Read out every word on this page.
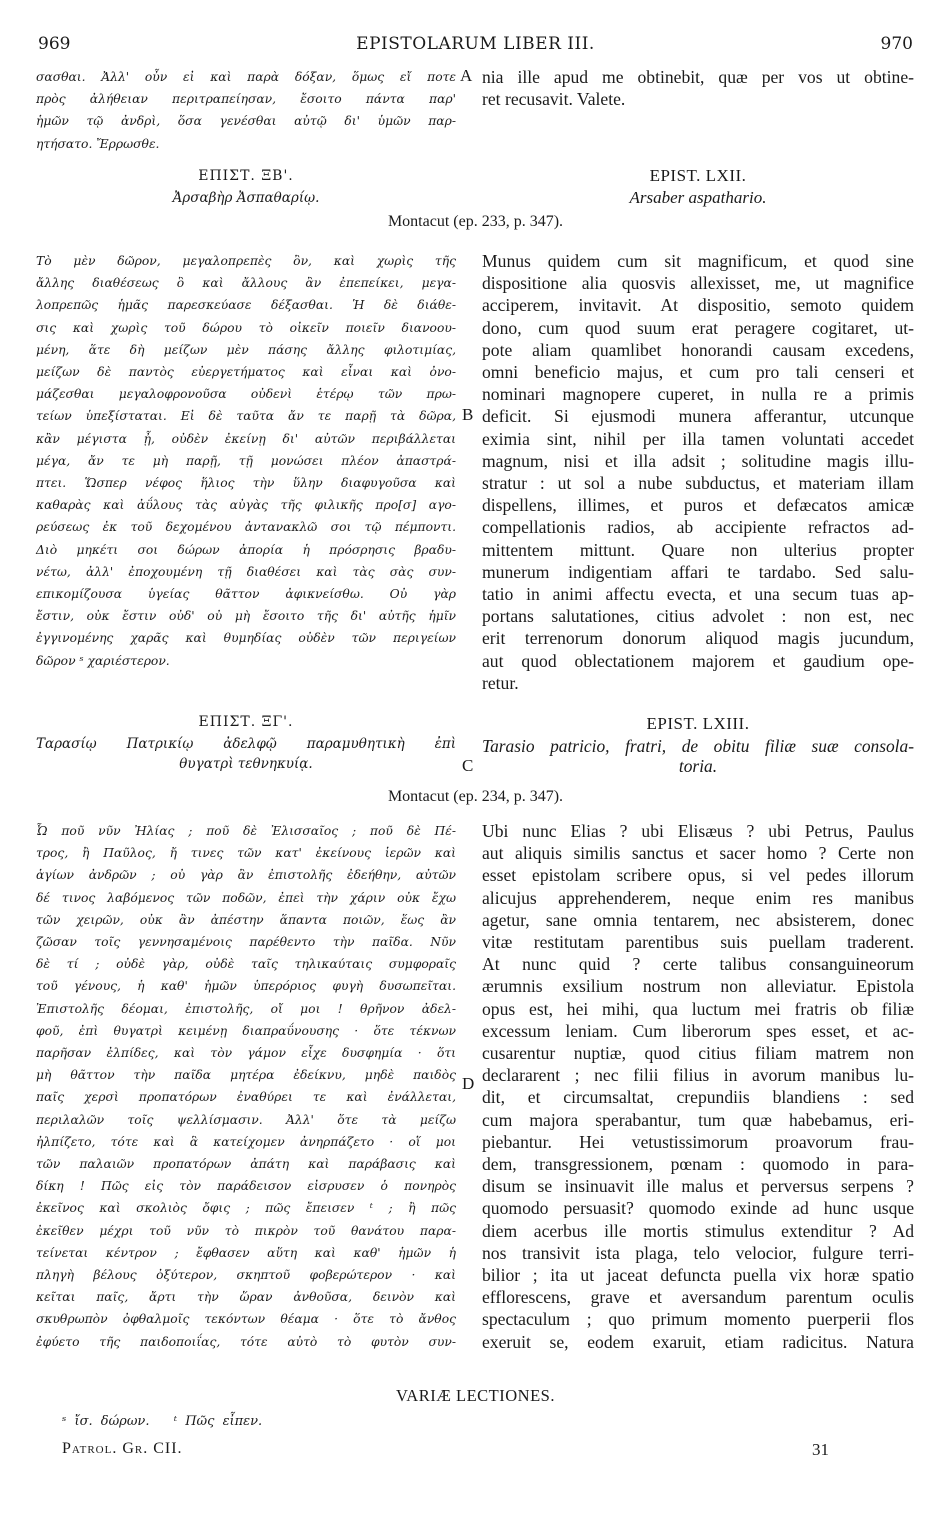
969	EPISTOLARUM LIBER III.	970
σασθαι. Ἀλλ' οὖν εἰ καὶ παρὰ δόξαν, ὅμως εἴ ποτε
πρὸς ἀλήθειαν περιτραπείησαν, ἔσοιτο πάντα παρ'
ἡμῶν τῷ ἀνδρὶ, ὅσα γενέσθαι αὐτῷ δι' ὑμῶν παρ-
ητήσατο. Ἔρρωσθε.
A nia ille apud me obtinebit, quæ per vos ut obtine-
ret recusavit. Valete.
ΕΠΙΣΤ. ΞΒ'.
Ἀρσαβὴρ Ἀσπαθαρίῳ.
EPIST. LXII.
Arsaber aspathario.
Montacut (ep. 233, p. 347).
Τὸ μὲν δῶρον, μεγαλοπρεπὲς ὂν, καὶ χωρὶς τῆς
ἄλλης διαθέσεως ὃ καὶ ἄλλους ἂν ἐπεπείκει, μεγα-
λοπρεπῶς ἡμᾶς παρεσκεύασε δέξασθαι. Ἡ δὲ διάθε-
σις καὶ χωρὶς τοῦ δώρου τὸ οἰκεῖν ποιεῖν διανοου-
μένη, ἅτε δὴ μείζων μὲν πάσης ἄλλης φιλοτιμίας,
μείζων δὲ παντὸς εὐεργετήματος καὶ εἶναι καὶ ὀνο-
μάζεσθαι μεγαλοφρονοῦσα οὐδενὶ ἑτέρῳ τῶν πρω-
τείων ὑπεξίσταται. Εἰ δὲ ταῦτα ἄν τε παρῇ τὰ δῶρα,
κἂν μέγιστα ᾖ, οὐδὲν ἐκείνῃ δι' αὐτῶν περιβάλλεται
μέγα, ἄν τε μὴ παρῇ, τῇ μονώσει πλέον ἀπαστρά-
πτει. Ὥσπερ νέφος ἥλιος τὴν ὕλην διαφυγοῦσα καὶ
καθαρὰς καὶ ἀΰλους τὰς αὐγὰς τῆς φιλικῆς προ[σ] αγο-
ρεύσεως ἐκ τοῦ δεχομένου ἀντανακλῶ σοι τῷ πέμποντι.
Διὸ μηκέτι σοι δώρων ἀπορία ἡ πρόσρησις βραδυ-
νέτω, ἀλλ' ἐποχουμένη τῇ διαθέσει καὶ τὰς σὰς συν-
επικομίζουσα ὑγείας θᾶττον ἀφικνείσθω. Οὐ γὰρ
ἔστιν, οὐκ ἔστιν οὐδ' οὐ μὴ ἔσοιτο τῆς δι' αὐτῆς ἡμῖν
ἐγγινομένης χαρᾶς καὶ θυμηδίας οὐδὲν τῶν περιγείων
δῶρον ˢ χαριέστερον.
B
Munus quidem cum sit magnificum, et quod sine
dispositione alia quosvis allexisset, me, ut magnifice
acciperem, invitavit. At dispositio, semoto quidem
dono, cum quod suum erat peragere cogitaret, ut-
pote aliam quamlibet honorandi causam excedens,
omni beneficio majus, et cum pro tali censeri et
nominari magnopere cuperet, in nulla re a primis
deficit. Si ejusmodi munera afferantur, utcunque
eximia sint, nihil per illa tamen voluntati accedet
magnum, nisi et illa adsit ; solitudine magis illu-
stratur : ut sol a nube subductus, et materiam illam
dispellens, illimes, et puros et defæcatos amicæ
compellationis radios, ab accipiente refractos ad-
mittentem mittunt. Quare non ulterius propter
munerum indigentiam affari te tardabo. Sed salu-
tatio in animi affectu evecta, et una secum tuas ap-
portans salutationes, citius advolet : non est, nec
erit terrenorum donorum aliquod magis jucundum,
aut quod oblectationem majorem et gaudium ope-
retur.
ΕΠΙΣΤ. ΞΓ'.
Ταρασίῳ Πατρικίῳ ἀδελφῷ παραμυθητικὴ ἐπὶ
θυγατρὶ τεθνηκυίᾳ.	C
EPIST. LXIII.
Tarasio patricio, fratri, de obitu filiæ suæ consola-
toria.
Montacut (ep. 234, p. 347).
Ὦ ποῦ νῦν Ἠλίας ; ποῦ δὲ Ἐλισσαῖος ; ποῦ δὲ Πέ-
τρος, ἢ Παῦλος, ἤ τινες τῶν κατ' ἐκείνους ἱερῶν καὶ
ἁγίων ἀνδρῶν ; οὐ γὰρ ἂν ἐπιστολῆς ἐδεήθην, αὐτῶν
δέ τινος λαβόμενος τῶν ποδῶν, ἐπεὶ τὴν χάριν οὐκ ἔχω
τῶν χειρῶν, οὐκ ἂν ἀπέστην ἅπαντα ποιῶν, ἕως ἂν
ζῶσαν τοῖς γεννησαμένοις παρέθεντο τὴν παῖδα. Νῦν
δὲ τί ; οὐδὲ γὰρ, οὐδὲ ταῖς τηλικαύταις συμφοραῖς
τοῦ γένους, ἡ καθ' ἡμῶν ὑπερόριος φυγὴ δυσωπεῖται.
Ἐπιστολῆς δέομαι, ἐπιστολῆς, οἴ μοι ! θρῆνον ἀδελ-
φοῦ, ἐπὶ θυγατρὶ κειμένῃ διαπραΰνουσης · ὅτε τέκνων
παρῆσαν ἐλπίδες, καὶ τὸν γάμον εἶχε δυσφημία · ὅτι
μὴ θᾶττον τὴν παῖδα μητέρα ἐδείκνυ, μηδὲ παιδὸς
παῖς χερσὶ προπατόρων ἐναθύρει τε καὶ ἐνάλλεται,
περιλαλῶν τοῖς ψελλίσμασιν. Ἀλλ' ὅτε τὰ μείζω
ἠλπίζετο, τότε καὶ ἃ κατείχομεν ἀνηρπάζετο · οἵ μοι
τῶν παλαιῶν προπατόρων ἀπάτη καὶ παράβασις καὶ
δίκη ! Πῶς εἰς τὸν παράδεισον εἰσρυσεν ὁ πονηρὸς
ἐκεῖνος καὶ σκολιὸς ὄφις ; πῶς ἔπεισεν ᵗ ; ἢ πῶς
ἐκεῖθεν μέχρι τοῦ νῦν τὸ πικρὸν τοῦ θανάτου παρα-
τείνεται κέντρον ; ἔφθασεν αὕτη καὶ καθ' ἡμῶν ἡ
πληγὴ βέλους ὀξύτερον, σκηπτοῦ φοβερώτερον · καὶ
κεῖται παῖς, ἄρτι τὴν ὥραν ἀνθοῦσα, δεινὸν καὶ
σκυθρωπὸν ὀφθαλμοῖς τεκόντων θέαμα · ὅτε τὸ ἄνθος
ἐφύετο τῆς παιδοποιΐας, τότε αὐτὸ τὸ φυτὸν συν-
D
Ubi nunc Elias ? ubi Elisæus ? ubi Petrus, Paulus
aut aliquis similis sanctus et sacer homo ? Certe non
esset epistolam scribere opus, si vel pedes illorum
alicujus apprehenderem, neque enim res manibus
agetur, sane omnia tentarem, nec absisterem, donec
vitæ restitutam parentibus suis puellam traderent.
At nunc quid ? certe talibus consanguineorum
ærumnis exsilium nostrum non alleviatur. Epistola
opus est, hei mihi, qua luctum mei fratris ob filiæ
excessum leniam. Cum liberorum spes esset, et ac-
cusarentur nuptiæ, quod citius filiam matrem non
declararent ; nec filii filius in avorum manibus lu-
dit, et circumsaltat, crepundiis blandiens : sed
cum majora sperabantur, tum quæ habebamus, eri-
piebantur. Hei vetustissimorum proavorum frau-
dem, transgressionem, pœnam : quomodo in para-
disum se insinuavit ille malus et perversus serpens ?
quomodo persuasit? quomodo exinde ad hunc usque
diem acerbus ille mortis stimulus extenditur ? Ad
nos transivit ista plaga, telo velocior, fulgure terri-
bilior ; ita ut jaceat defuncta puella vix horæ spatio
efflorescens, grave et aversandum parentum oculis
spectaculum ; quo primum momento puerperii flos
exeruit se, eodem exaruit, etiam radicitus. Natura
VARIÆ LECTIONES.
ˢ ἴσ. δώρων. ᵗ Πῶς εἶπεν.
Patrol. Gr. CII.	31
